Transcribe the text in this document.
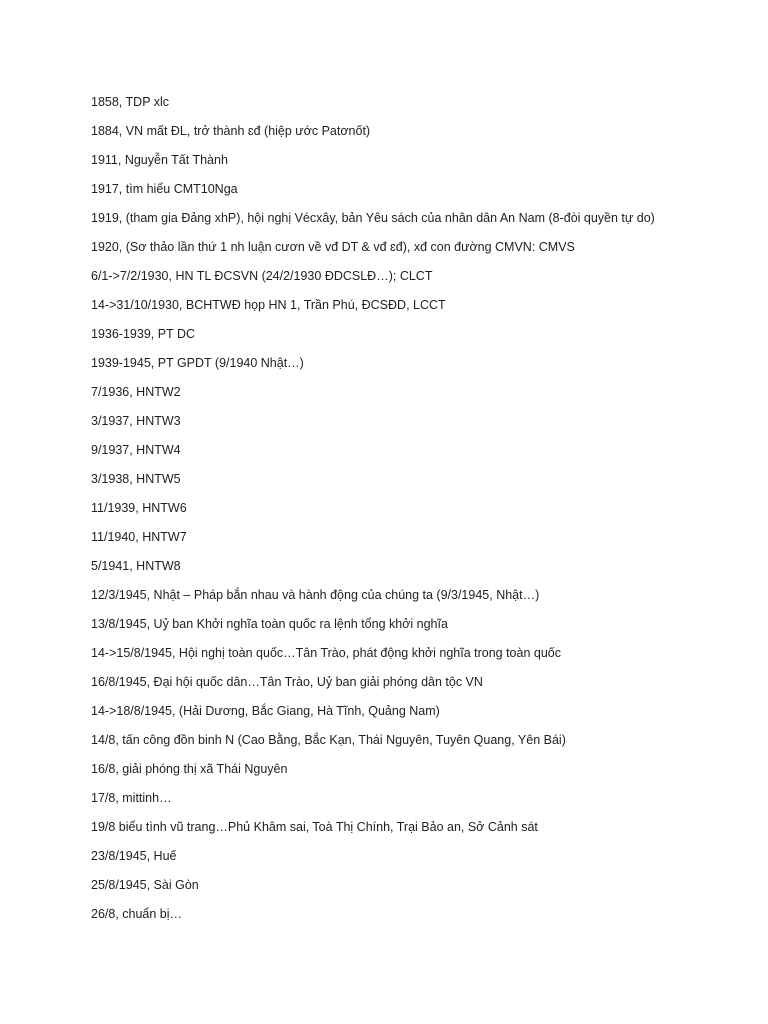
1858, TDP xlc
1884, VN mất ĐL, trở thành ɛđ (hiệp ước Patơnốt)
1911, Nguyễn Tất Thành
1917, tìm hiểu CMT10Nga
1919, (tham gia Đảng xhP), hội nghị Vécxây, bản Yêu sách của nhân dân An Nam (8-đòi quyền tự do)
1920, (Sơ thảo lần thứ 1 nh luận cươn về vđ DT & vđ ɛđ), xđ con đường CMVN: CMVS
6/1->7/2/1930, HN TL ĐCSVN (24/2/1930 ĐDCSLĐ…); CLCT
14->31/10/1930, BCHTWĐ họp HN 1, Trần Phú, ĐCSĐD, LCCT
1936-1939, PT DC
1939-1945, PT GPDT (9/1940 Nhật…)
7/1936, HNTW2
3/1937, HNTW3
9/1937, HNTW4
3/1938, HNTW5
11/1939, HNTW6
11/1940, HNTW7
5/1941, HNTW8
12/3/1945, Nhật – Pháp bắn nhau và hành động của chúng ta (9/3/1945, Nhật…)
13/8/1945, Uỷ ban Khởi nghĩa toàn quốc ra lệnh tổng khởi nghĩa
14->15/8/1945, Hội nghị toàn quốc…Tân Trào, phát động khởi nghĩa trong toàn quốc
16/8/1945, Đại hội quốc dân…Tân Trào, Uỷ ban giải phóng dân tộc VN
14->18/8/1945, (Hải Dương, Bắc Giang, Hà Tĩnh, Quảng Nam)
14/8, tấn công đồn binh N (Cao Bằng, Bắc Kạn, Thái Nguyên, Tuyên Quang, Yên Bái)
16/8, giải phóng thị xã Thái Nguyên
17/8, mittinh…
19/8 biểu tình vũ trang…Phủ Khâm sai, Toà Thị Chính, Trại Bảo an, Sở Cảnh sát
23/8/1945, Huế
25/8/1945, Sài Gòn
26/8, chuẩn bị…
